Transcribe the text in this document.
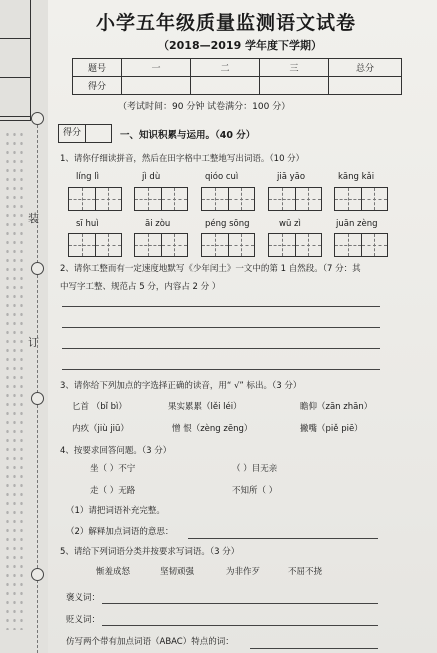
装
订
小学五年级质量监测语文试卷
（2018—2019 学年度下学期）
题号	一	二	三	总分
得分				
（考试时间：90 分钟 试卷满分：100 分）
得分	一、知识积累与运用。（40 分）
1、请你仔细读拼音，然后在田字格中工整地写出词语。（10 分）
líng lì	jì dù	qióo cuì	jiā yāo	kāng kǎi
sī huì	āi zòu	péng sōng	wū zì	juān zèng
2、请你工整而有一定速度地默写《少年闰土》一文中的第 1 自然段。（7 分：其
中写字工整、规范占 5 分，内容占 2 分 ）
3、请你给下列加点的字选择正确的读音，用“ √” 标出。（3 分）
匕首 （bǐ bì）	果实累累（lěi léi）	瞻仰（zān zhān）
内疚（jiù jiū）	憎 恨（zèng zēng）	撇嘴（piě piē）
4、按要求回答问题。（3 分）
坐（ ）不宁	（ ）目无亲
走（ ）无路	不知所（ ）
（1）请把词语补充完整。
（2）解释加点词语的意思：
5、请给下列词语分类并按要求写词语。（3 分）
惭羞成怒	坚韧顽强	为非作歹	不屈不挠
褒义词：
贬义词：
仿写两个带有加点词语（ABAC）特点的词：
